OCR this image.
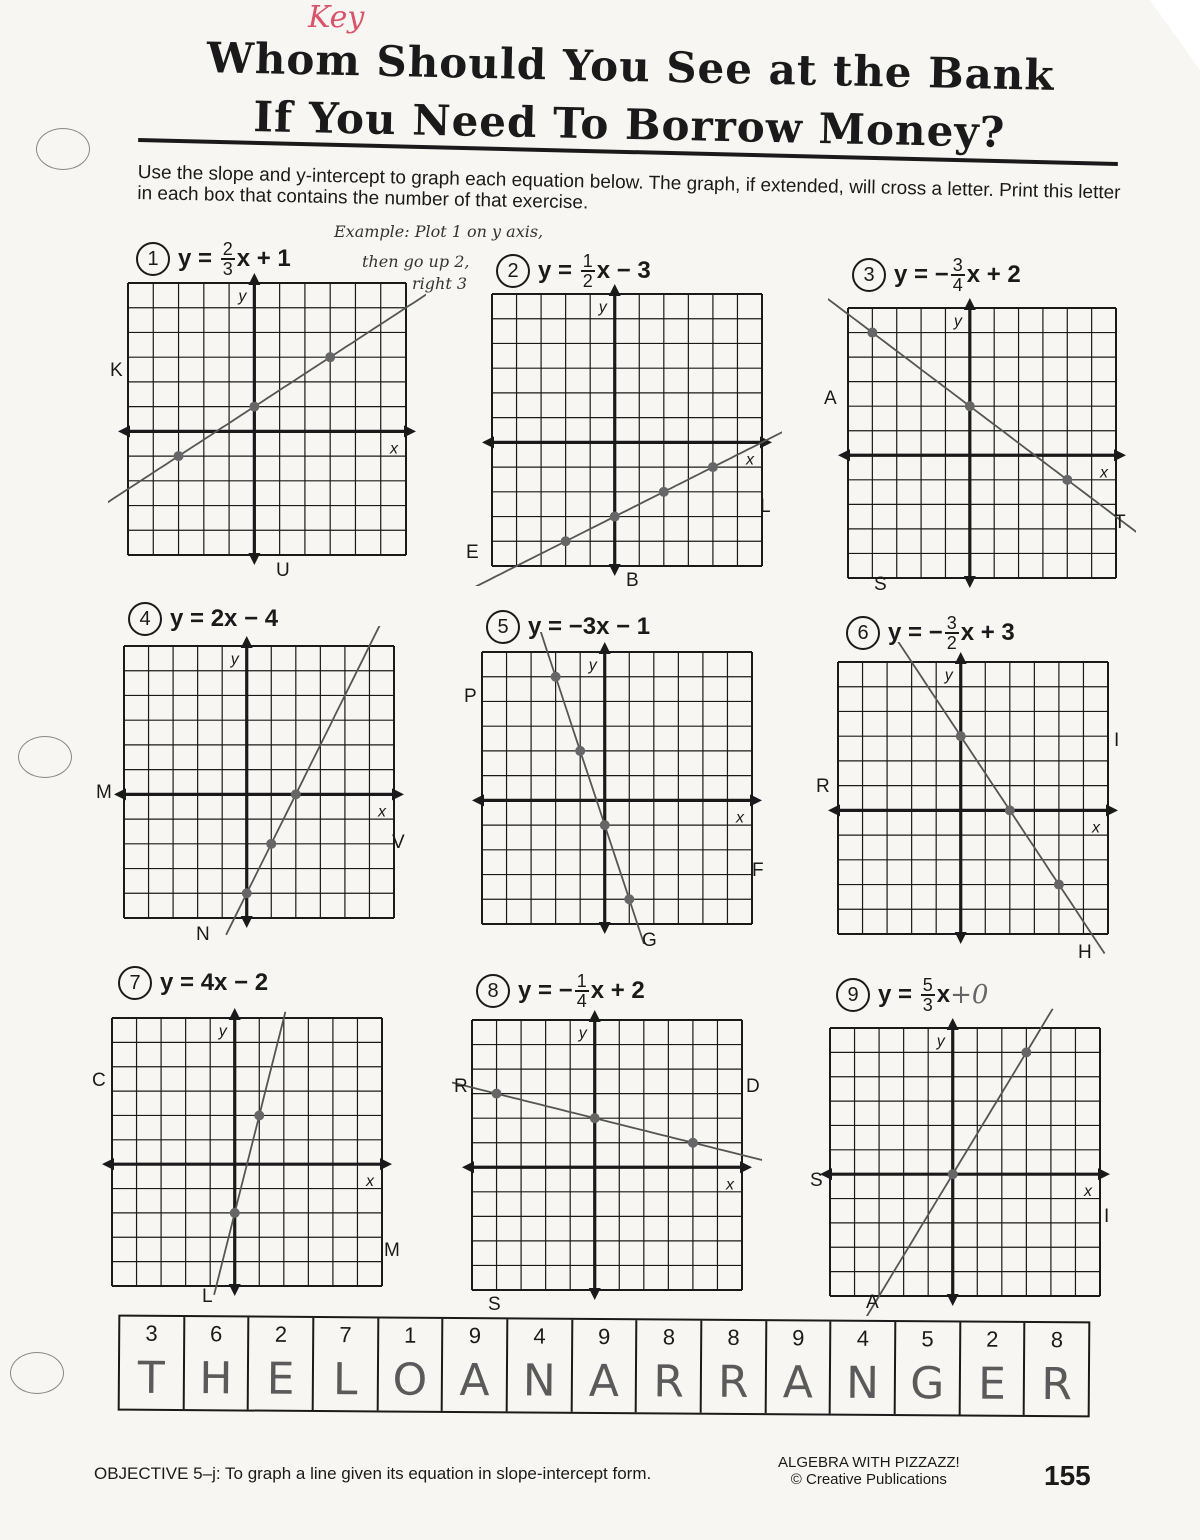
Key
Whom Should You See at the Bank
If You Need To Borrow Money?
Use the slope and y-intercept to graph each equation below. The graph, if extended, will cross a letter. Print this letter in each box that contains the number of that exercise.
Example: Plot 1 on y axis,
then go up 2,
right 3
1 $y = \frac{2}{3}$ x + 1
x
y
K
U
2 $y = \frac{1}{2}$ x − 3
x
y
E
L
B
3 y = − $\frac{3}{4}$ x + 2
x
y
A
T
S
4 y = 2x − 4
x
y
M
V
N
5 y = −3x − 1
x
y
P
F
G
6 y = − $\frac{3}{2}$ x + 3
x
y
R
I
H
7 y = 4x − 2
x
y
C
M
L
8 y = − $\frac{1}{4}$ x + 2
x
y
R	D
S
9 $y = \frac{5}{3}$ x +0
x
y
S
I
A
3
T
6
H
2
E
7
L
1
O
9
A
4
N
9
A
8
R
8
R
9
A
4
N
5
G
2
E
8
R
OBJECTIVE 5–j: To graph a line given its equation in slope-intercept form.
ALGEBRA WITH PIZZAZZ!
© Creative Publications	155
